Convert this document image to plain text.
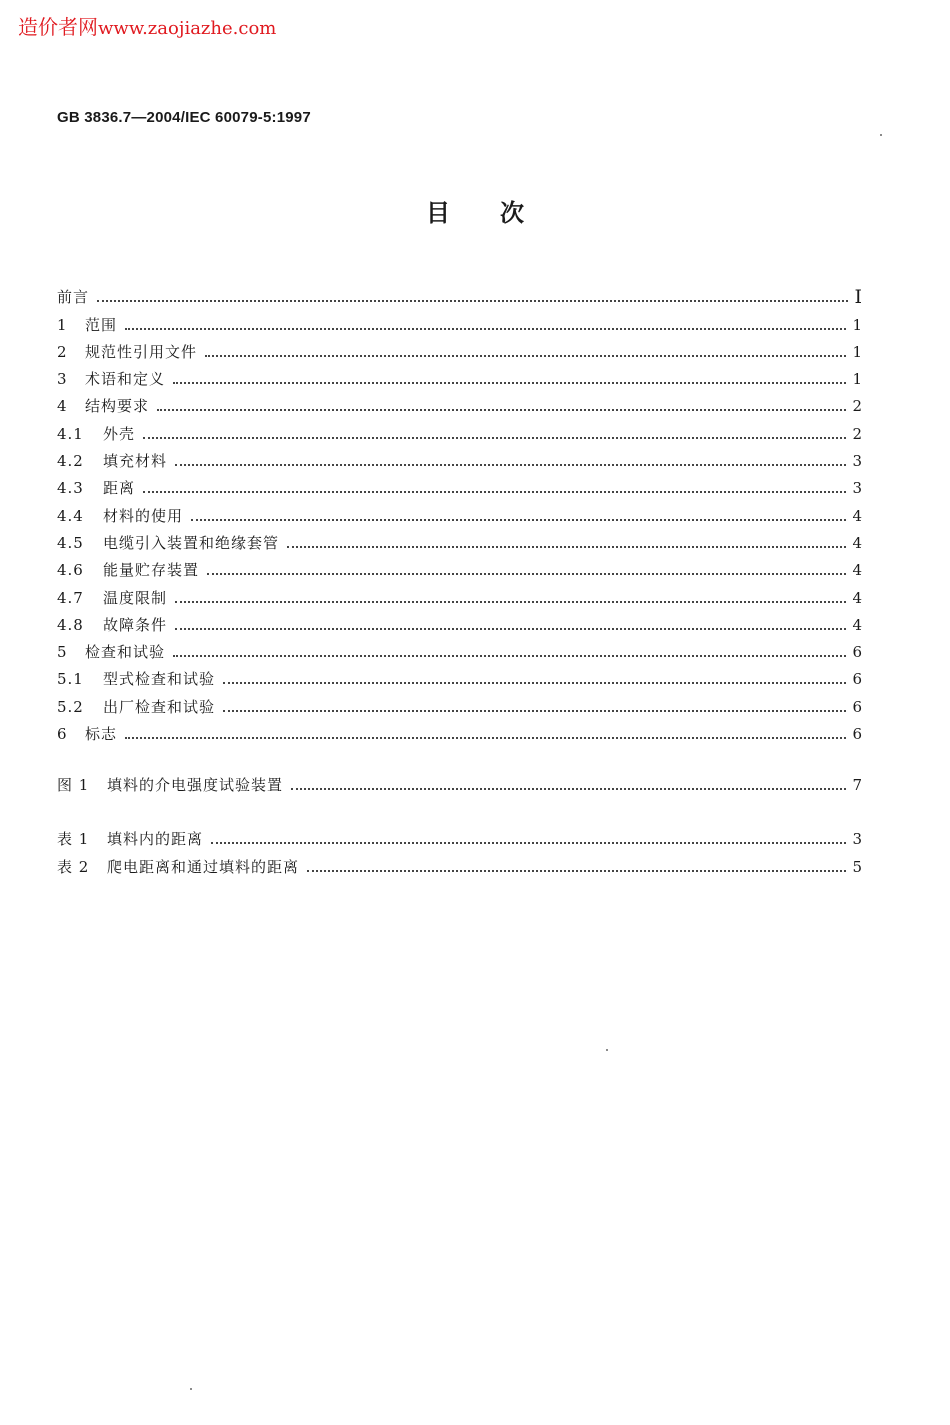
造价者网www.zaojiazhe.com
GB 3836.7—2004/IEC 60079-5:1997
目次
前言	I
1 范围	1
2 规范性引用文件	1
3 术语和定义	1
4 结构要求	2
4.1 外壳	2
4.2 填充材料	3
4.3 距离	3
4.4 材料的使用	4
4.5 电缆引入装置和绝缘套管	4
4.6 能量贮存装置	4
4.7 温度限制	4
4.8 故障条件	4
5 检查和试验	6
5.1 型式检查和试验	6
5.2 出厂检查和试验	6
6 标志	6
图 1 填料的介电强度试验装置	7
表 1 填料内的距离	3
表 2 爬电距离和通过填料的距离	5
